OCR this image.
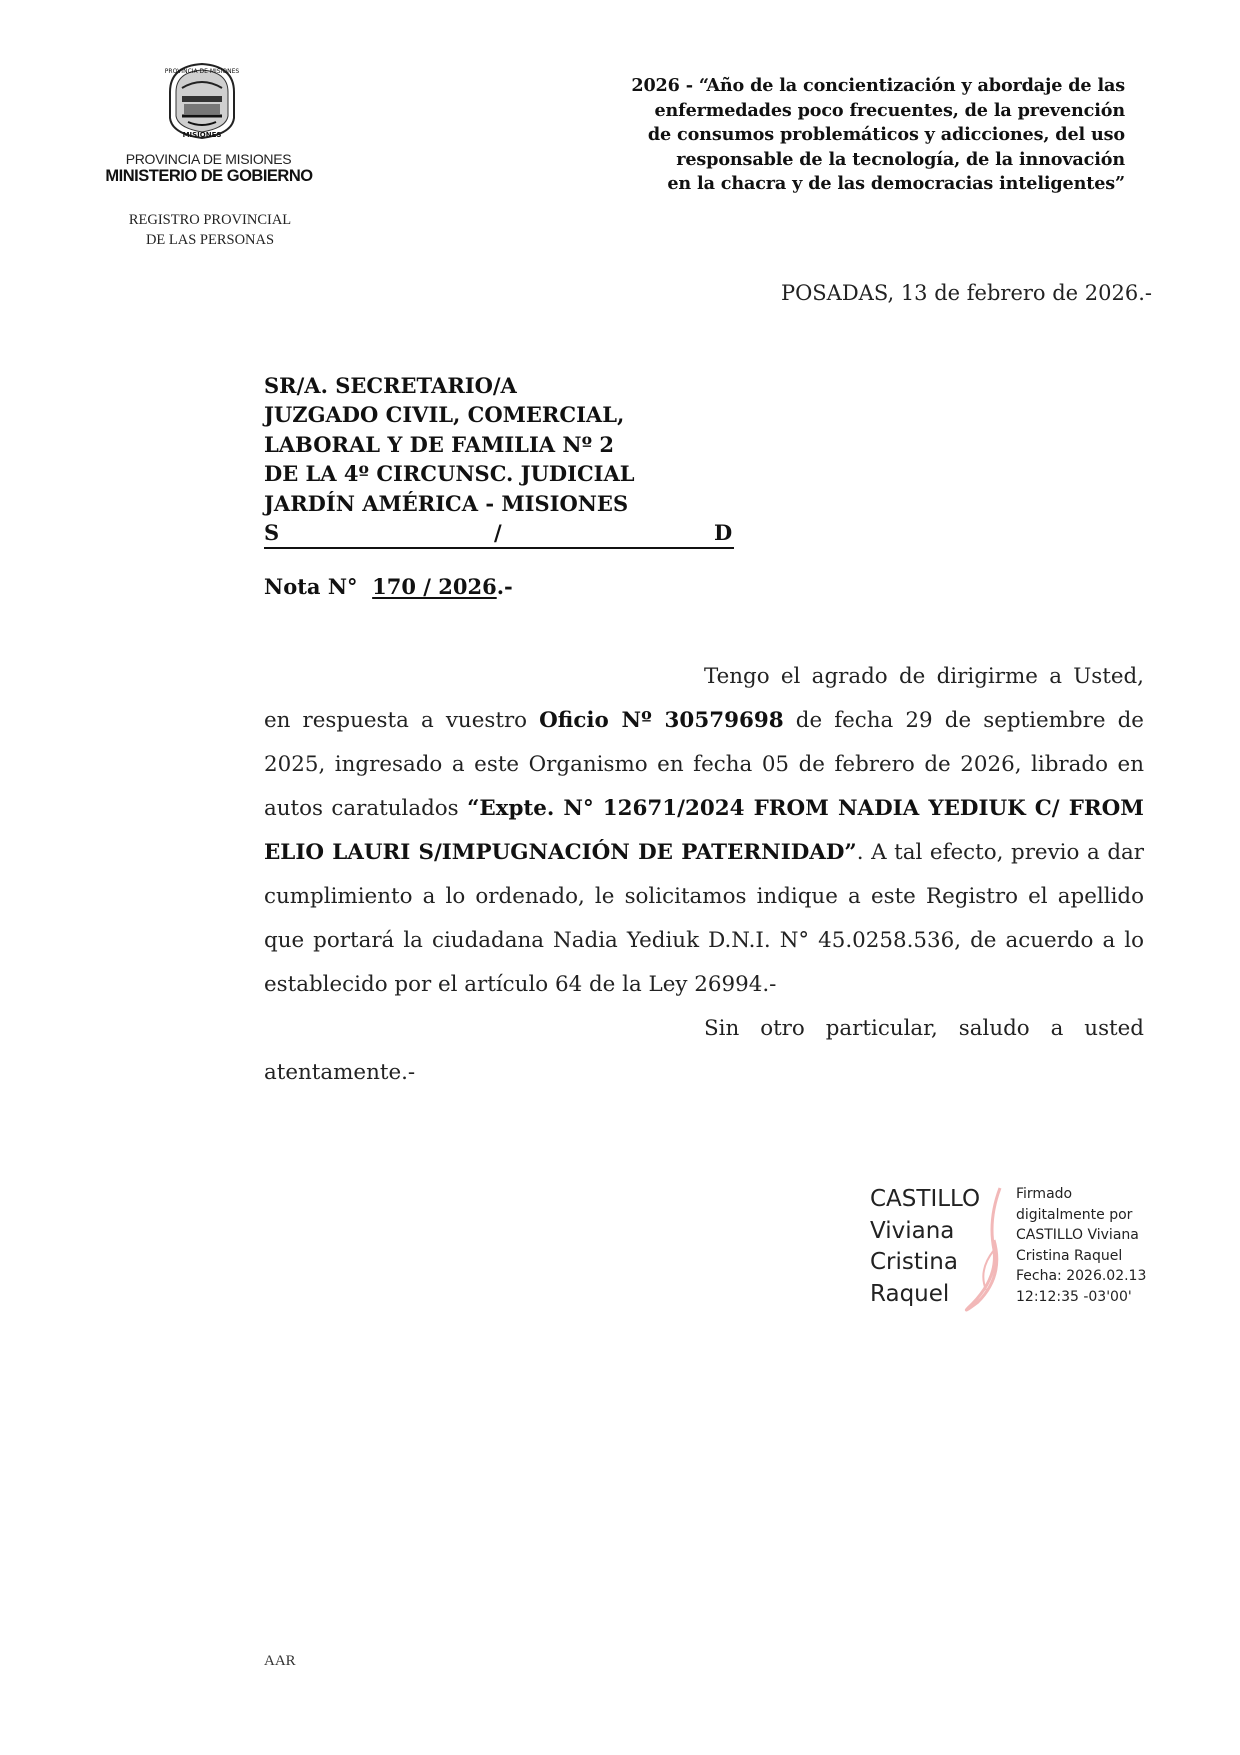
PROVINCIA DE MISIONES
MISIONES
PROVINCIA DE MISIONES
MINISTERIO DE GOBIERNO
REGISTRO PROVINCIAL
DE LAS PERSONAS
2026 - “Año de la concientización y abordaje de las
enfermedades poco frecuentes, de la prevención
de consumos problemáticos y adicciones, del uso
responsable de la tecnología, de la innovación
en la chacra y de las democracias inteligentes”
POSADAS, 13 de febrero de 2026.-
SR/A. SECRETARIO/A
JUZGADO CIVIL, COMERCIAL,
LABORAL Y DE FAMILIA Nº 2
DE LA 4º CIRCUNSC. JUDICIAL
JARDÍN AMÉRICA - MISIONES
S	/	D
Nota N° 170 / 2026.-

Tengo el agrado de dirigirme a Usted, en respuesta a vuestro Oficio Nº 30579698 de fecha 29 de septiembre de 2025, ingresado a este Organismo en fecha 05 de febrero de 2026, librado en autos caratulados “Expte. N° 12671/2024 FROM NADIA YEDIUK C/ FROM ELIO LAURI S/IMPUGNACIÓN DE PATERNIDAD”. A tal efecto, previo a dar cumplimiento a lo ordenado, le solicitamos indique a este Registro el apellido que portará la ciudadana Nadia Yediuk D.N.I. N° 45.0258.536, de acuerdo a lo establecido por el artículo 64 de la Ley 26994.-

Sin otro particular, saludo a usted atentamente.-

CASTILLO
Viviana
Cristina
Raquel
Firmado
digitalmente por
CASTILLO Viviana
Cristina Raquel
Fecha: 2026.02.13
12:12:35 -03'00'
AAR
